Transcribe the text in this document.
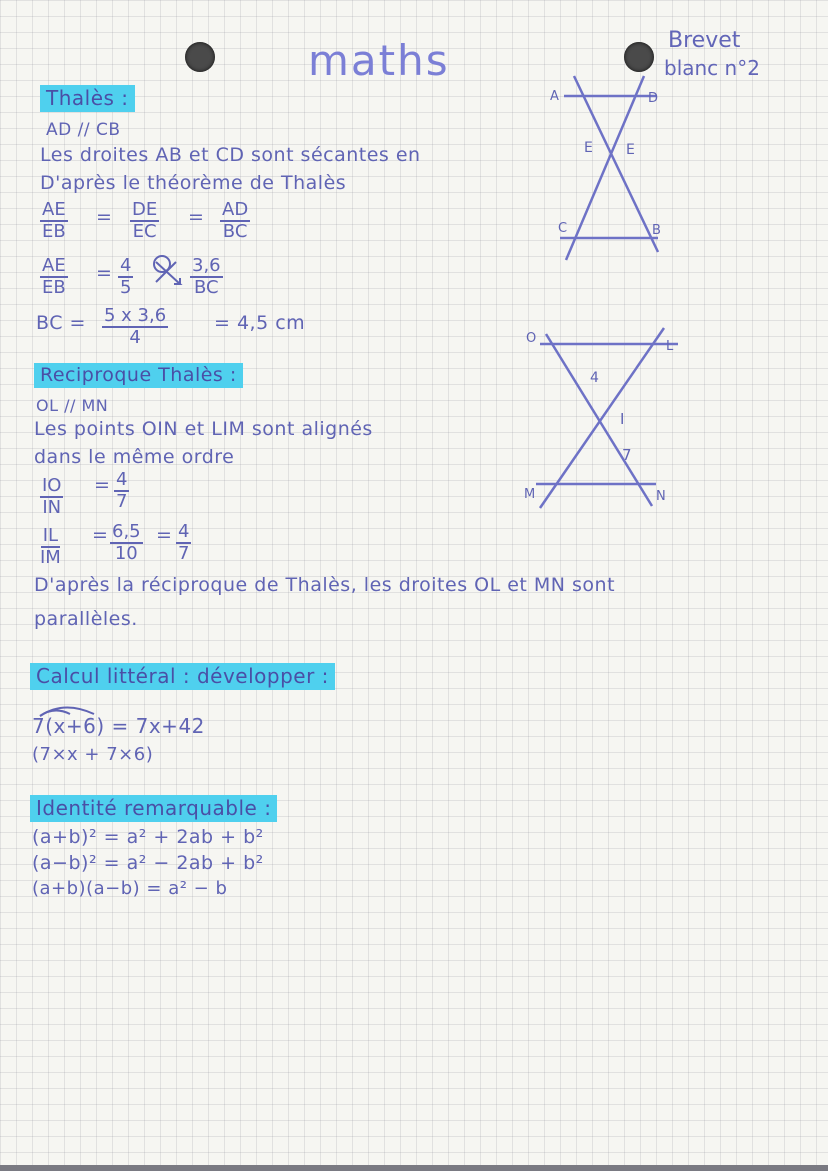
maths	Brevet
blanc n°2
Thalès :
AD // CB
Les droites AB et CD sont sécantes en
D'après le théorème de Thalès
$\frac{AE}{EB} = \frac{DE}{EC} = \frac{AD}{BC}$
$\frac{AE}{EB} = \frac{4}{5}$	$\frac{3,6}{BC}$
BC = $\frac{5 x 3,6}{4} = 4,5$ cm
A	D
E E
C	B
Reciproque Thalès :
OL // MN
Les points OIN et LIM sont alignés
dans le même ordre
$\frac{IO}{IN} = \frac{4}{7}$
$\frac{IL}{IM} = \frac{6,5}{10} = \frac{4}{7}$
D'après la réciproque de Thalès, les droites OL et MN sont
parallèles.
O
L
4
I
7
M	N
Calcul littéral : développer :
7(x+6) = 7x+42
(7×x + 7×6)
Identité remarquable :
(a+b)² = a² + 2ab + b²
(a−b)² = a² − 2ab + b²
(a+b)(a−b) = a² − b
